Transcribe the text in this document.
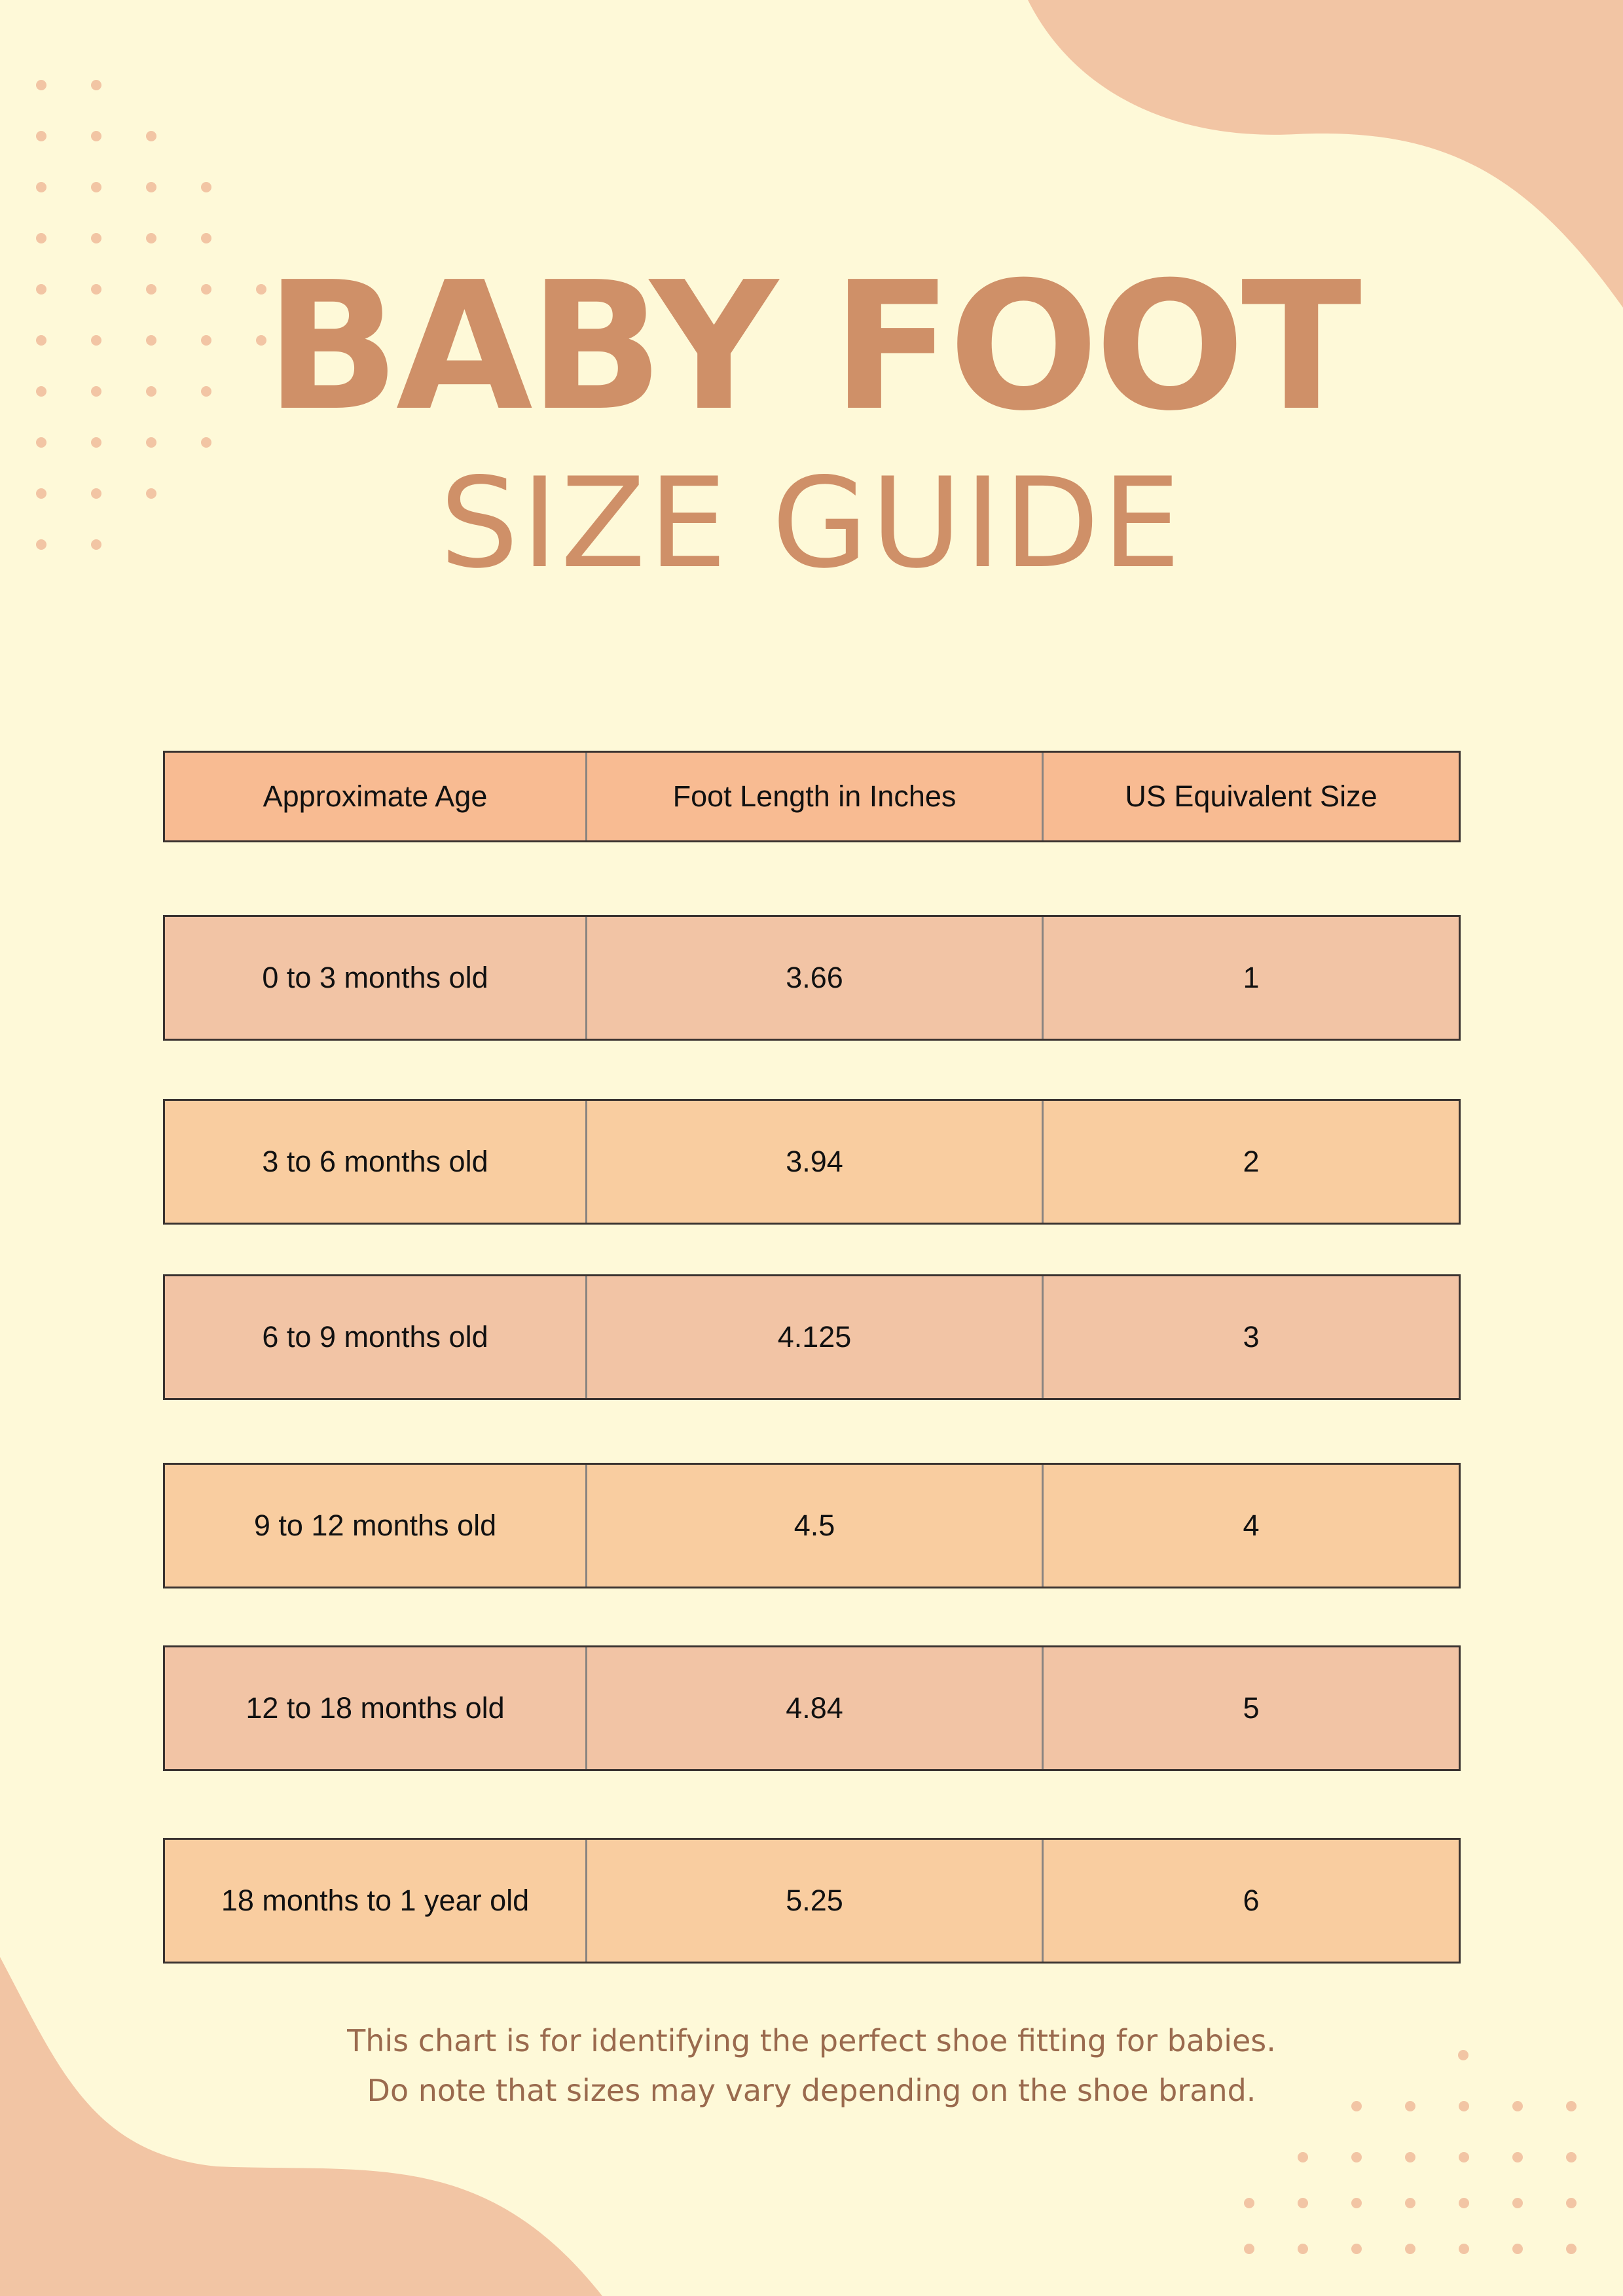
BABY FOOT
SIZE GUIDE
Approximate Age	Foot Length in Inches	US Equivalent Size
0 to 3 months old	3.66	1
3 to 6 months old	3.94	2
6 to 9 months old	4.125	3
9 to 12 months old	4.5	4
12 to 18 months old	4.84	5
18 months to 1 year old	5.25	6
This chart is for identifying the perfect shoe fitting for babies.
Do note that sizes may vary depending on the shoe brand.
